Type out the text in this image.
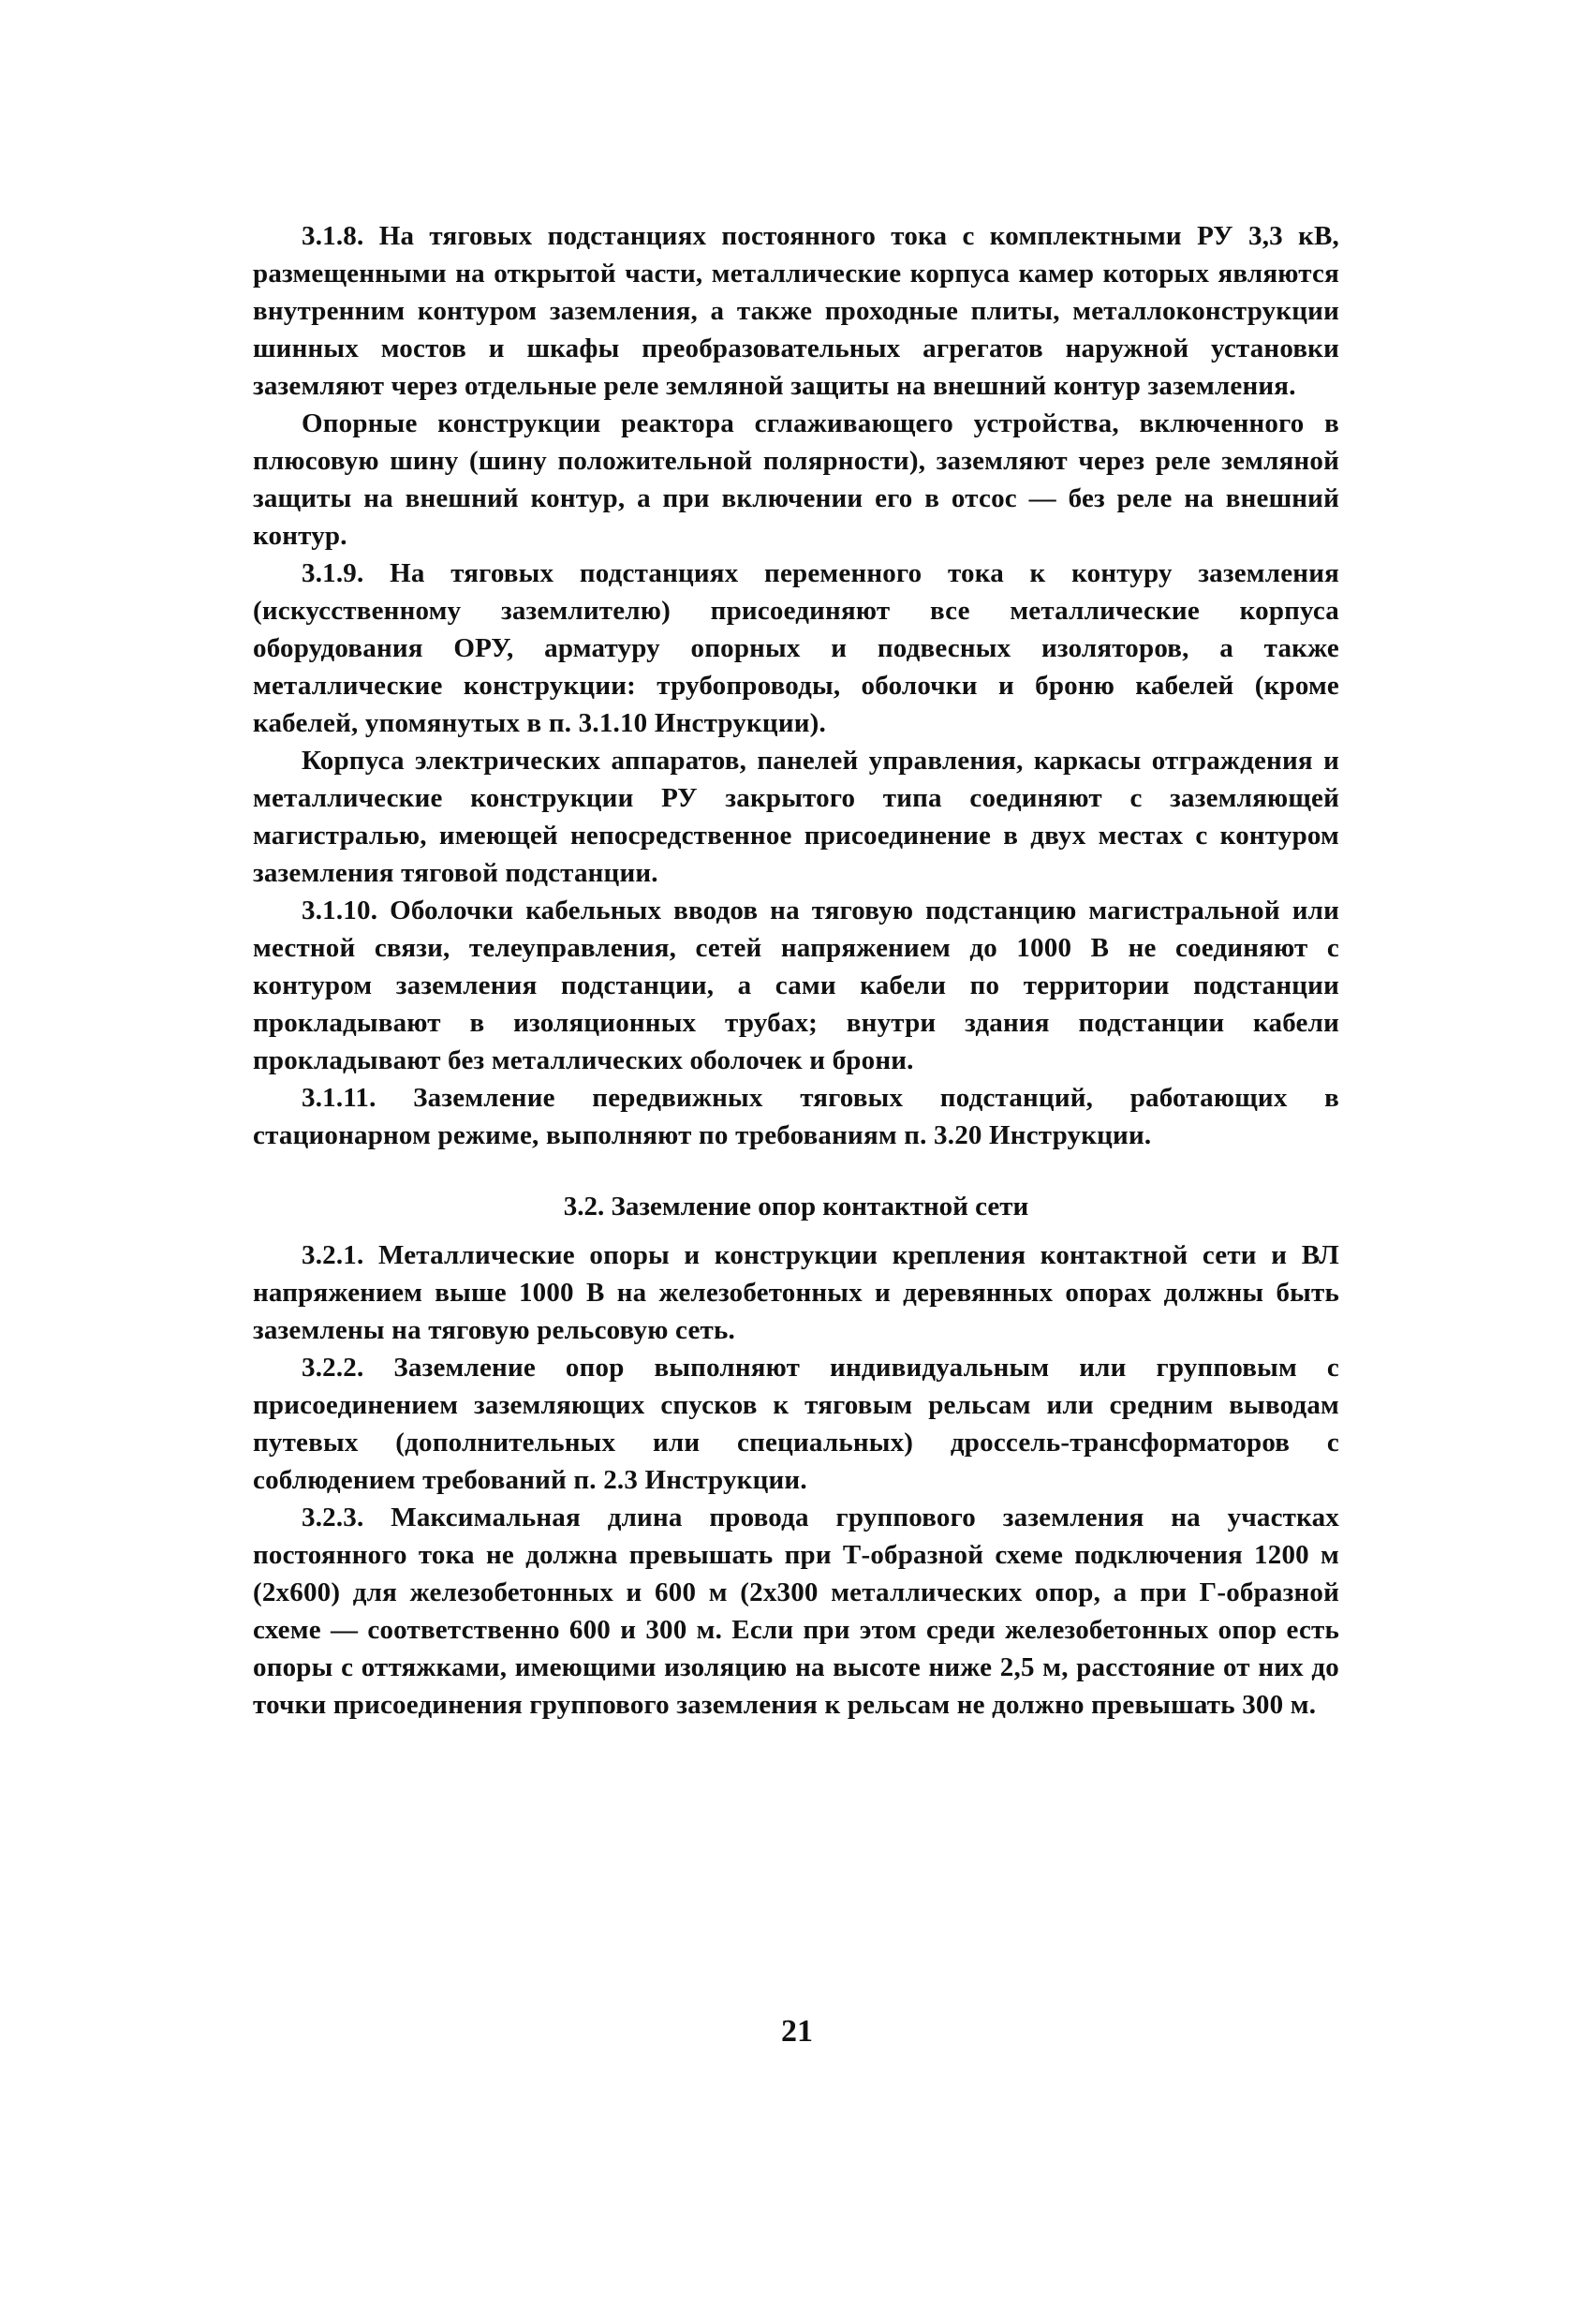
3.1.8. На тяговых подстанциях постоянного тока с комплектными РУ 3,3 кВ, размещенными на открытой части, металлические корпуса камер которых являются внутренним контуром заземления, а также проходные плиты, металлоконструкции шинных мостов и шкафы преобразовательных агрегатов наружной установки заземляют через отдельные реле земляной защиты на внешний контур заземления.

Опорные конструкции реактора сглаживающего устройства, включенного в плюсовую шину (шину положительной полярности), заземляют через реле земляной защиты на внешний контур, а при включении его в отсос — без реле на внешний контур.

3.1.9. На тяговых подстанциях переменного тока к контуру заземления (искусственному заземлителю) присоединяют все металлические корпуса оборудования ОРУ, арматуру опорных и подвесных изоляторов, а также металлические конструкции: трубопроводы, оболочки и броню кабелей (кроме кабелей, упомянутых в п. 3.1.10 Инструкции).

Корпуса электрических аппаратов, панелей управления, каркасы отграждения и металлические конструкции РУ закрытого типа соединяют с заземляющей магистралью, имеющей непосредственное присоединение в двух местах с контуром заземления тяговой подстанции.

3.1.10. Оболочки кабельных вводов на тяговую подстанцию магистральной или местной связи, телеуправления, сетей напряжением до 1000 В не соединяют с контуром заземления подстанции, а сами кабели по территории подстанции прокладывают в изоляционных трубах; внутри здания подстанции кабели прокладывают без металлических оболочек и брони.

3.1.11. Заземление передвижных тяговых подстанций, работающих в стационарном режиме, выполняют по требованиям п. 3.20 Инструкции.

3.2. Заземление опор контактной сети

3.2.1. Металлические опоры и конструкции крепления контактной сети и ВЛ напряжением выше 1000 В на железобетонных и деревянных опорах должны быть заземлены на тяговую рельсовую сеть.

3.2.2. Заземление опор выполняют индивидуальным или групповым с присоединением заземляющих спусков к тяговым рельсам или средним выводам путевых (дополнительных или специальных) дроссель-трансформаторов с соблюдением требований п. 2.3 Инструкции.

3.2.3. Максимальная длина провода группового заземления на участках постоянного тока не должна превышать при Т-образной схеме подключения 1200 м (2х600) для железобетонных и 600 м (2х300 металлических опор, а при Г-образной схеме — соответственно 600 и 300 м. Если при этом среди железобетонных опор есть опоры с оттяжками, имеющими изоляцию на высоте ниже 2,5 м, расстояние от них до точки присоединения группового заземления к рельсам не должно превышать 300 м.

21
